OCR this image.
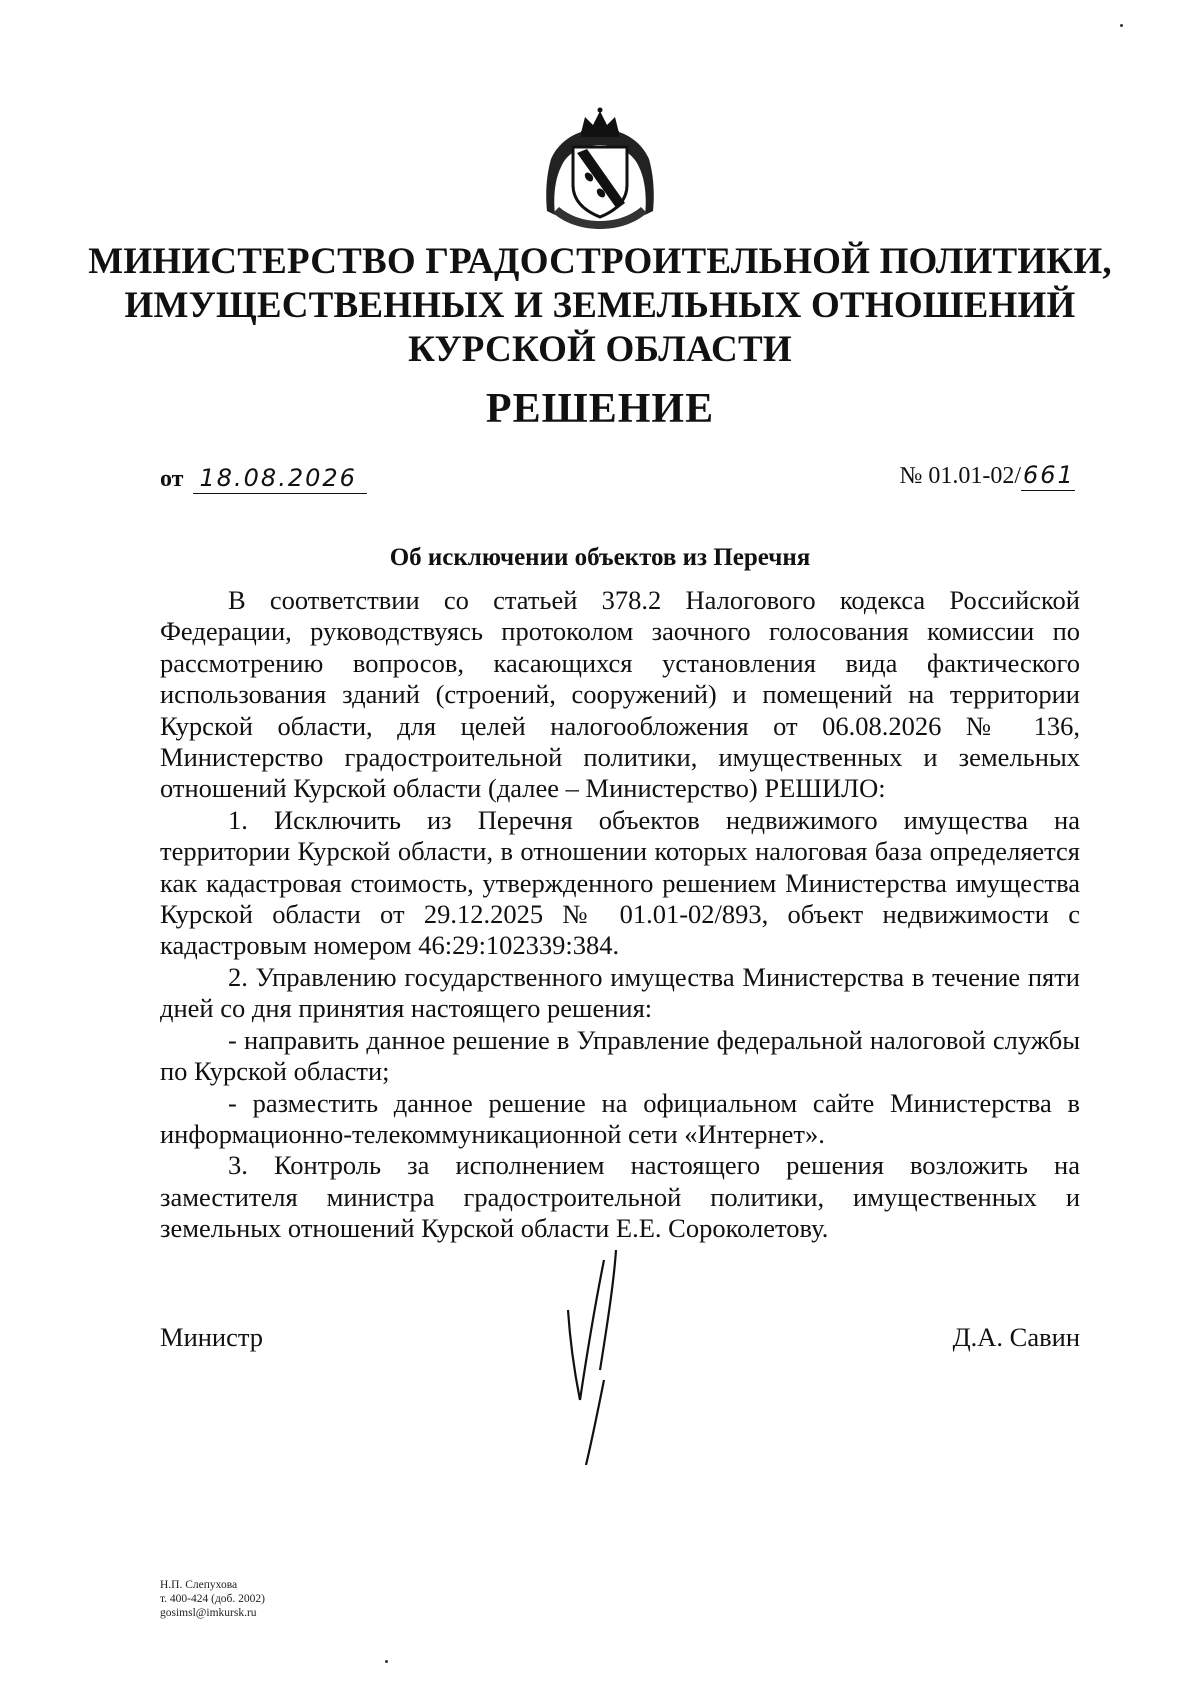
МИНИСТЕРСТВО ГРАДОСТРОИТЕЛЬНОЙ ПОЛИТИКИ,
ИМУЩЕСТВЕННЫХ И ЗЕМЕЛЬНЫХ ОТНОШЕНИЙ
КУРСКОЙ ОБЛАСТИ
РЕШЕНИЕ
от 18.08.2026	№ 01.01-02/661
Об исключении объектов из Перечня

В соответствии со статьей 378.2 Налогового кодекса Российской Федерации, руководствуясь протоколом заочного голосования комиссии по рассмотрению вопросов, касающихся установления вида фактического использования зданий (строений, сооружений) и помещений на территории Курской области, для целей налогообложения от 06.08.2026 № 136, Министерство градостроительной политики, имущественных и земельных отношений Курской области (далее – Министерство) РЕШИЛО:

1. Исключить из Перечня объектов недвижимого имущества на территории Курской области, в отношении которых налоговая база определяется как кадастровая стоимость, утвержденного решением Министерства имущества Курской области от 29.12.2025 № 01.01-02/893, объект недвижимости с кадастровым номером 46:29:102339:384.

2. Управлению государственного имущества Министерства в течение пяти дней со дня принятия настоящего решения:

- направить данное решение в Управление федеральной налоговой службы по Курской области;

- разместить данное решение на официальном сайте Министерства в информационно-телекоммуникационной сети «Интернет».

3. Контроль за исполнением настоящего решения возложить на заместителя министра градостроительной политики, имущественных и земельных отношений Курской области Е.Е. Сороколетову.

Министр	Д.А. Савин
Н.П. Слепухова
т. 400-424 (доб. 2002)
gosimsl@imkursk.ru
